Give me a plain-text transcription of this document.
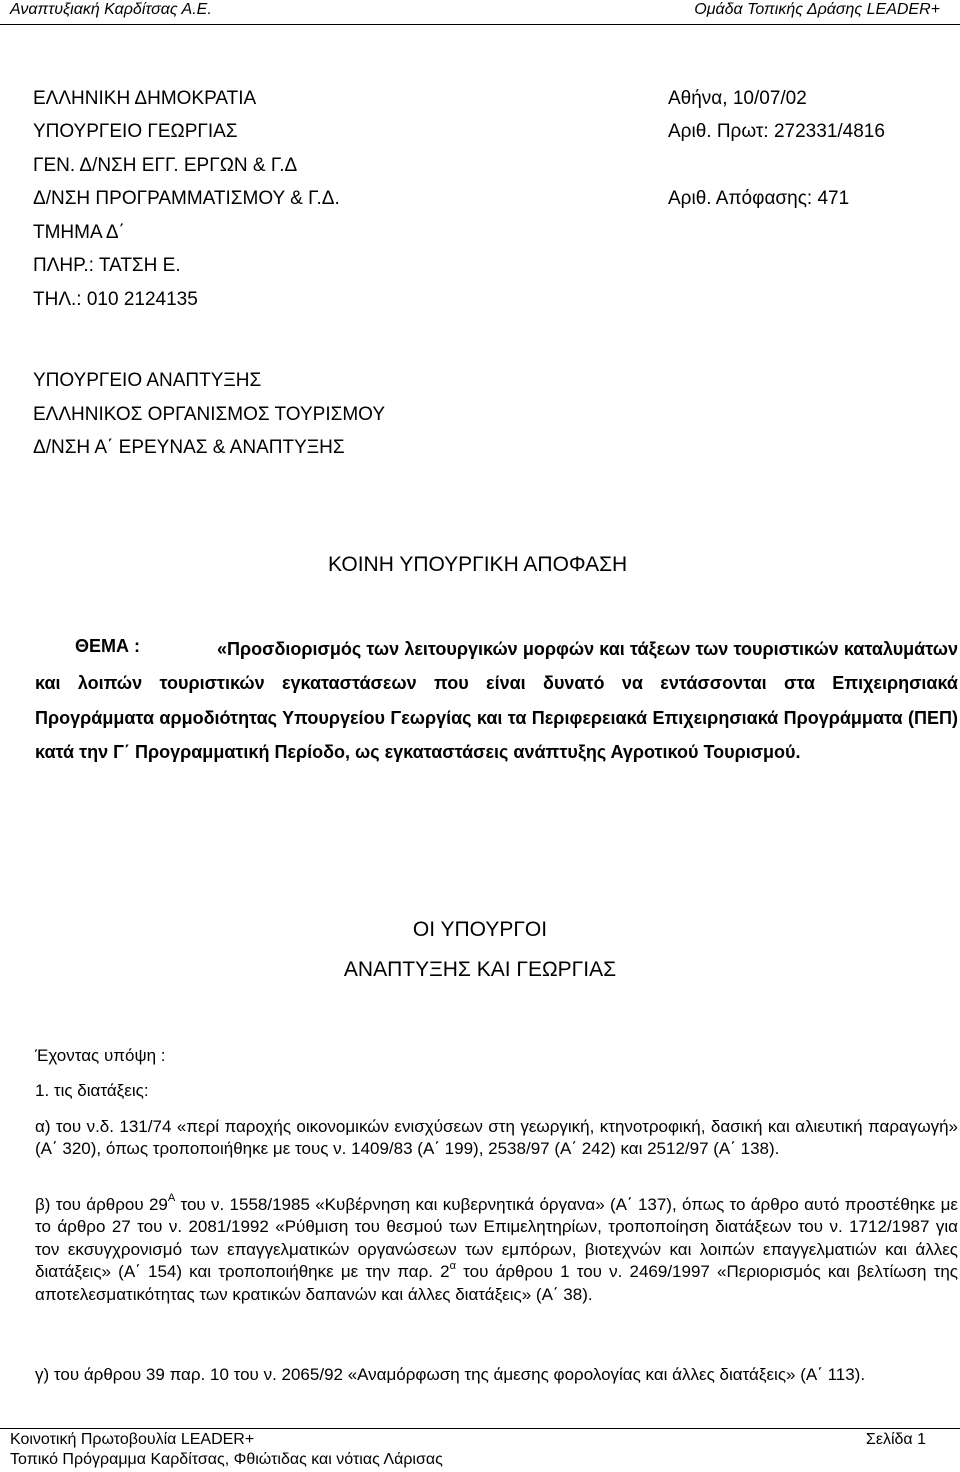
Αναπτυξιακή Καρδίτσας Α.Ε.	Ομάδα Τοπικής Δράσης LEADER+
ΕΛΛΗΝΙΚΗ ΔΗΜΟΚΡΑΤΙΑ
ΥΠΟΥΡΓΕΙΟ ΓΕΩΡΓΙΑΣ
ΓΕΝ. Δ/ΝΣΗ ΕΓΓ. ΕΡΓΩΝ & Γ.Δ
Δ/ΝΣΗ ΠΡΟΓΡΑΜΜΑΤΙΣΜΟΥ & Γ.Δ.
ΤΜΗΜΑ Δ΄
ΠΛΗΡ.: ΤΑΤΣΗ Ε.
ΤΗΛ.: 010 2124135
Αθήνα, 10/07/02
Αριθ. Πρωτ: 272331/4816
Αριθ. Απόφασης: 471
ΥΠΟΥΡΓΕΙΟ ΑΝΑΠΤΥΞΗΣ
ΕΛΛΗΝΙΚΟΣ ΟΡΓΑΝΙΣΜΟΣ ΤΟΥΡΙΣΜΟΥ
Δ/ΝΣΗ Α΄ ΕΡΕΥΝΑΣ & ΑΝΑΠΤΥΞΗΣ
ΚΟΙΝΗ ΥΠΟΥΡΓΙΚΗ ΑΠΟΦΑΣΗ
ΘΕΜΑ :	«Προσδιορισμός των λειτουργικών μορφών και τάξεων των τουριστικών καταλυμάτων και λοιπών τουριστικών εγκαταστάσεων που είναι δυνατό να εντάσσονται στα Επιχειρησιακά Προγράμματα αρμοδιότητας Υπουργείου Γεωργίας και τα Περιφερειακά Επιχειρησιακά Προγράμματα (ΠΕΠ) κατά την Γ΄ Προγραμματική Περίοδο, ως εγκαταστάσεις ανάπτυξης Αγροτικού Τουρισμού.
ΟΙ ΥΠΟΥΡΓΟΙ
ΑΝΑΠΤΥΞΗΣ ΚΑΙ ΓΕΩΡΓΙΑΣ
Έχοντας υπόψη :
1. τις διατάξεις:
α) του ν.δ. 131/74 «περί παροχής οικονομικών ενισχύσεων στη γεωργική, κτηνοτροφική, δασική και αλιευτική παραγωγή» (Α΄ 320), όπως τροποποιήθηκε με τους ν. 1409/83 (Α΄ 199), 2538/97 (Α΄ 242) και 2512/97 (Α΄ 138).
β) του άρθρου $29^A$ του ν. 1558/1985 «Κυβέρνηση και κυβερνητικά όργανα» (Α΄ 137), όπως το άρθρο αυτό προστέθηκε με το άρθρο 27 του ν. 2081/1992 «Ρύθμιση του θεσμού των Επιμελητηρίων, τροποποίηση διατάξεων του ν. 1712/1987 για τον εκσυγχρονισμό των επαγγελματικών οργανώσεων των εμπόρων, βιοτεχνών και λοιπών επαγγελματιών και άλλες διατάξεις» (Α΄ 154) και τροποποιήθηκε με την παρ. $2^\alpha$ του άρθρου 1 του ν. 2469/1997 «Περιορισμός και βελτίωση της αποτελεσματικότητας των κρατικών δαπανών και άλλες διατάξεις» (Α΄ 38).
γ) του άρθρου 39 παρ. 10 του ν. 2065/92 «Αναμόρφωση της άμεσης φορολογίας και άλλες διατάξεις» (Α΄ 113).
Κοινοτική Πρωτοβουλία LEADER+
Τοπικό Πρόγραμμα Καρδίτσας, Φθιώτιδας και νότιας Λάρισας
Σελίδα 1
